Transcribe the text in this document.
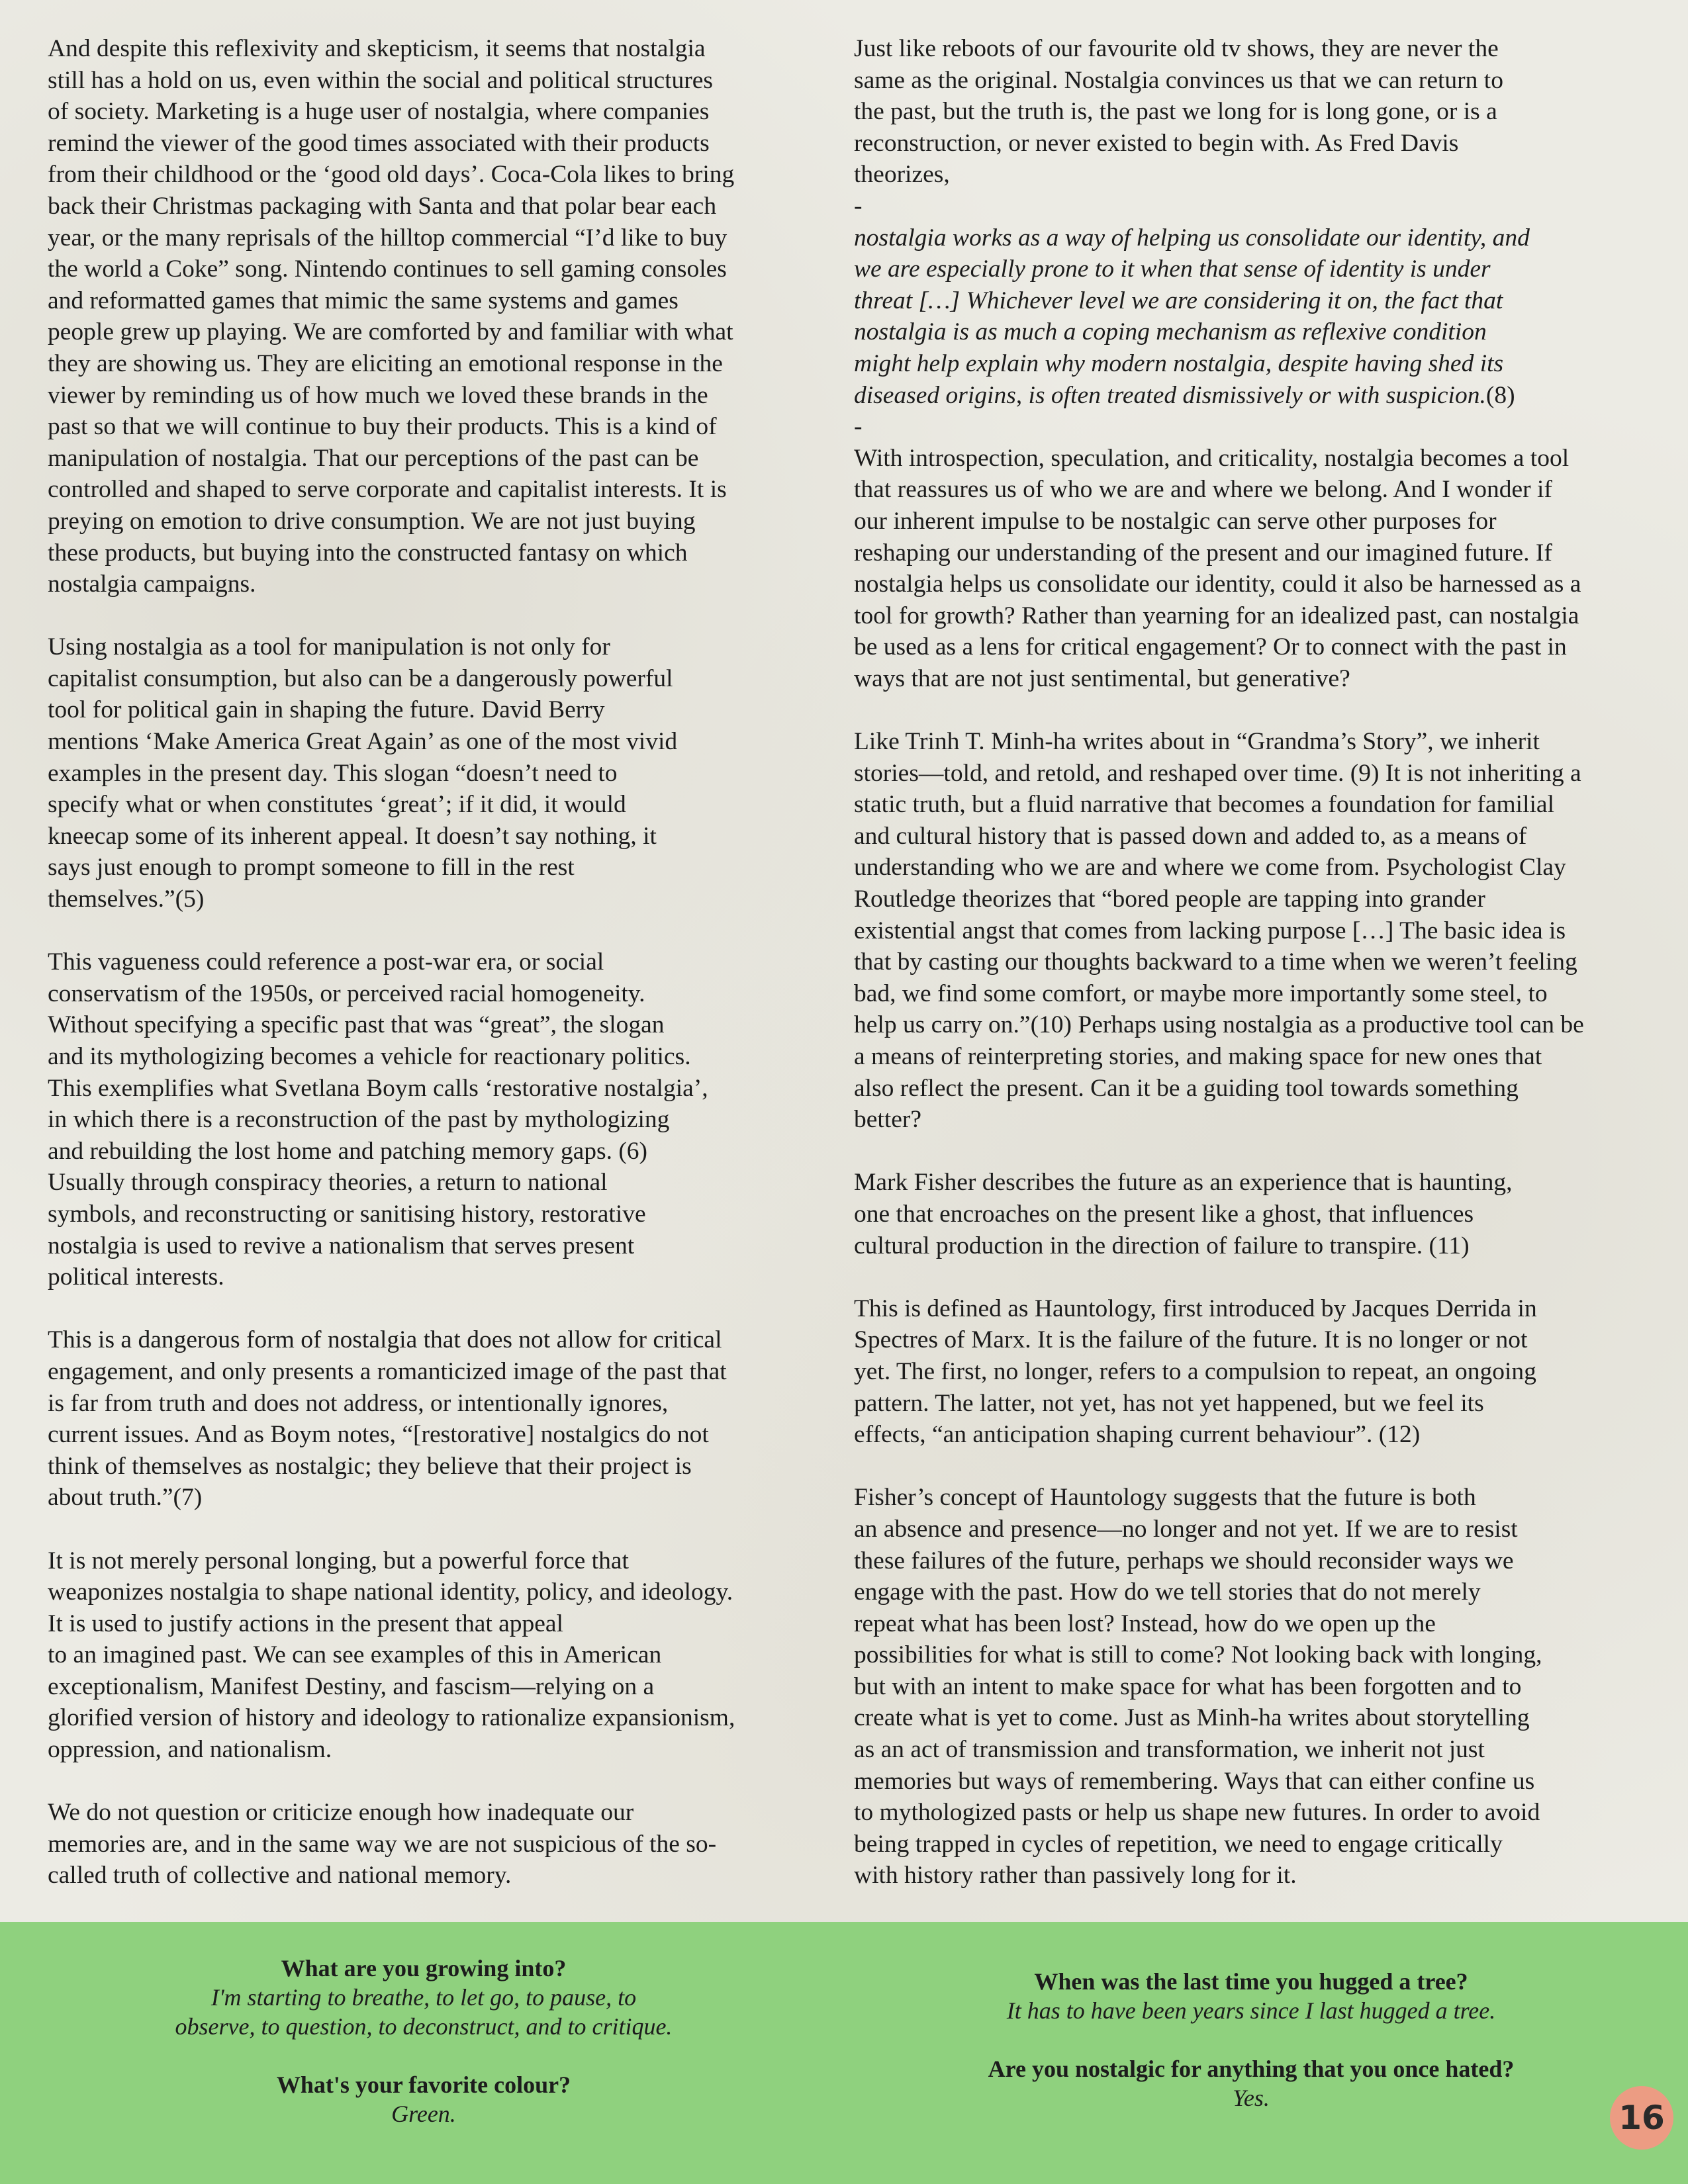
And despite this reflexivity and skepticism, it seems that nostalgia

still has a hold on us, even within the social and political structures

of society. Marketing is a huge user of nostalgia, where companies

remind the viewer of the good times associated with their products

from their childhood or the ‘good old days’. Coca-Cola likes to bring

back their Christmas packaging with Santa and that polar bear each

year, or the many reprisals of the hilltop commercial “I’d like to buy

the world a Coke” song. Nintendo continues to sell gaming consoles

and reformatted games that mimic the same systems and games

people grew up playing. We are comforted by and familiar with what

they are showing us. They are eliciting an emotional response in the

viewer by reminding us of how much we loved these brands in the

past so that we will continue to buy their products. This is a kind of

manipulation of nostalgia. That our perceptions of the past can be

controlled and shaped to serve corporate and capitalist interests. It is

preying on emotion to drive consumption. We are not just buying

these products, but buying into the constructed fantasy on which

nostalgia campaigns.

Using nostalgia as a tool for manipulation is not only for

capitalist consumption, but also can be a dangerously powerful

tool for political gain in shaping the future. David Berry

mentions ‘Make America Great Again’ as one of the most vivid

examples in the present day. This slogan “doesn’t need to

specify what or when constitutes ‘great’; if it did, it would

kneecap some of its inherent appeal. It doesn’t say nothing, it

says just enough to prompt someone to fill in the rest

themselves.”(5)

This vagueness could reference a post-war era, or social

conservatism of the 1950s, or perceived racial homogeneity.

Without specifying a specific past that was “great”, the slogan

and its mythologizing becomes a vehicle for reactionary politics.

This exemplifies what Svetlana Boym calls ‘restorative nostalgia’,

in which there is a reconstruction of the past by mythologizing

and rebuilding the lost home and patching memory gaps. (6)

Usually through conspiracy theories, a return to national

symbols, and reconstructing or sanitising history, restorative

nostalgia is used to revive a nationalism that serves present

political interests.

This is a dangerous form of nostalgia that does not allow for critical

engagement, and only presents a romanticized image of the past that

is far from truth and does not address, or intentionally ignores,

current issues. And as Boym notes, “[restorative] nostalgics do not

think of themselves as nostalgic; they believe that their project is

about truth.”(7)

It is not merely personal longing, but a powerful force that

weaponizes nostalgia to shape national identity, policy, and ideology.

It is used to justify actions in the present that appeal

to an imagined past. We can see examples of this in American

exceptionalism, Manifest Destiny, and fascism—relying on a

glorified version of history and ideology to rationalize expansionism,

oppression, and nationalism.

We do not question or criticize enough how inadequate our

memories are, and in the same way we are not suspicious of the so-

called truth of collective and national memory.

Just like reboots of our favourite old tv shows, they are never the

same as the original. Nostalgia convinces us that we can return to

the past, but the truth is, the past we long for is long gone, or is a

reconstruction, or never existed to begin with. As Fred Davis

theorizes,

-

nostalgia works as a way of helping us consolidate our identity, and

we are especially prone to it when that sense of identity is under

threat […] Whichever level we are considering it on, the fact that

nostalgia is as much a coping mechanism as reflexive condition

might help explain why modern nostalgia, despite having shed its

diseased origins, is often treated dismissively or with suspicion.(8)

-

With introspection, speculation, and criticality, nostalgia becomes a tool

that reassures us of who we are and where we belong. And I wonder if

our inherent impulse to be nostalgic can serve other purposes for

reshaping our understanding of the present and our imagined future. If

nostalgia helps us consolidate our identity, could it also be harnessed as a

tool for growth? Rather than yearning for an idealized past, can nostalgia

be used as a lens for critical engagement? Or to connect with the past in

ways that are not just sentimental, but generative?

Like Trinh T. Minh-ha writes about in “Grandma’s Story”, we inherit

stories—told, and retold, and reshaped over time. (9) It is not inheriting a

static truth, but a fluid narrative that becomes a foundation for familial

and cultural history that is passed down and added to, as a means of

understanding who we are and where we come from. Psychologist Clay

Routledge theorizes that “bored people are tapping into grander

existential angst that comes from lacking purpose […] The basic idea is

that by casting our thoughts backward to a time when we weren’t feeling

bad, we find some comfort, or maybe more importantly some steel, to

help us carry on.”(10) Perhaps using nostalgia as a productive tool can be

a means of reinterpreting stories, and making space for new ones that

also reflect the present. Can it be a guiding tool towards something

better?

Mark Fisher describes the future as an experience that is haunting,

one that encroaches on the present like a ghost, that influences

cultural production in the direction of failure to transpire. (11)

This is defined as Hauntology, first introduced by Jacques Derrida in

Spectres of Marx. It is the failure of the future. It is no longer or not

yet. The first, no longer, refers to a compulsion to repeat, an ongoing

pattern. The latter, not yet, has not yet happened, but we feel its

effects, “an anticipation shaping current behaviour”. (12)

Fisher’s concept of Hauntology suggests that the future is both

an absence and presence—no longer and not yet. If we are to resist

these failures of the future, perhaps we should reconsider ways we

engage with the past. How do we tell stories that do not merely

repeat what has been lost? Instead, how do we open up the

possibilities for what is still to come? Not looking back with longing,

but with an intent to make space for what has been forgotten and to

create what is yet to come. Just as Minh-ha writes about storytelling

as an act of transmission and transformation, we inherit not just

memories but ways of remembering. Ways that can either confine us

to mythologized pasts or help us shape new futures. In order to avoid

being trapped in cycles of repetition, we need to engage critically

with history rather than passively long for it.

What are you growing into?
I'm starting to breathe, to let go, to pause, to
observe, to question, to deconstruct, and to critique.
What's your favorite colour?
Green.
When was the last time you hugged a tree?
It has to have been years since I last hugged a tree.
Are you nostalgic for anything that you once hated?
Yes.
16
